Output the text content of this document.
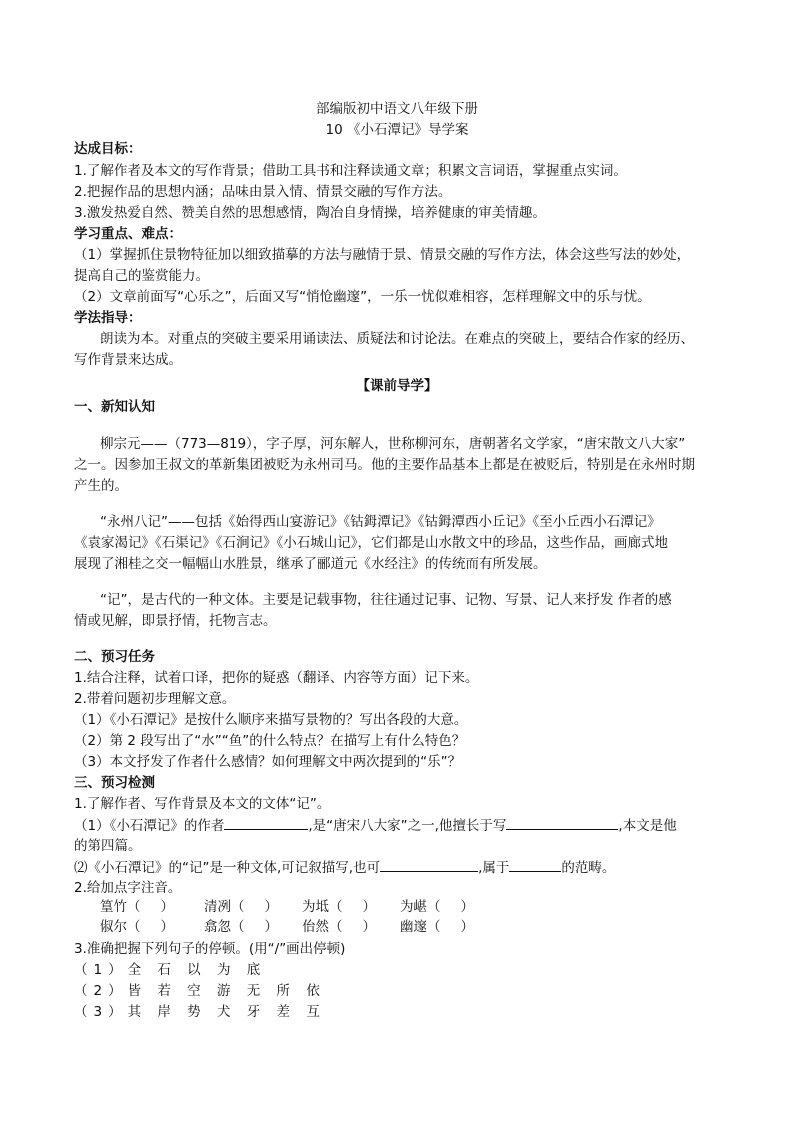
部编版初中语文八年级下册
10 《小石潭记》导学案
达成目标：
1.了解作者及本文的写作背景；借助工具书和注释读通文章；积累文言词语，掌握重点实词。
2.把握作品的思想内涵；品味由景入情、情景交融的写作方法。
3.激发热爱自然、赞美自然的思想感情，陶冶自身情操，培养健康的审美情趣。
学习重点、难点：
（1）掌握抓住景物特征加以细致描摹的方法与融情于景、情景交融的写作方法，体会这些写法的妙处，
提高自己的鉴赏能力。
（2）文章前面写“心乐之”，后面又写“悄怆幽邃”，一乐一忧似难相容，怎样理解文中的乐与忧。
学法指导：
朗读为本。对重点的突破主要采用诵读法、质疑法和讨论法。在难点的突破上，要结合作家的经历、
写作背景来达成。
【课前导学】
一、新知认知
柳宗元——（773—819），字子厚，河东解人，世称柳河东，唐朝著名文学家，“唐宋散文八大家”
之一。因参加王叔文的革新集团被贬为永州司马。他的主要作品基本上都是在被贬后，特别是在永州时期
产生的。
“永州八记”——包括《始得西山宴游记》《钴鉧潭记》《钴鉧潭西小丘记》《至小丘西小石潭记》
《袁家渴记》《石渠记》《石涧记》《小石城山记》，它们都是山水散文中的珍品，这些作品，画廊式地
展现了湘桂之交一幅幅山水胜景，继承了郦道元《水经注》的传统而有所发展。
“记”，是古代的一种文体。主要是记载事物，往往通过记事、记物、写景、记人来抒发 作者的感
情或见解，即景抒情，托物言志。
二、预习任务
1.结合注释，试着口译，把你的疑惑（翻译、内容等方面）记下来。
2.带着问题初步理解文意。
（1）《小石潭记》是按什么顺序来描写景物的？写出各段的大意。
（2）第 2 段写出了“水”“鱼”的什么特点？在描写上有什么特色？
（3）本文抒发了作者什么感情？如何理解文中两次提到的“乐”？
三、预习检测
1.了解作者、写作背景及本文的文体“记”。
（1）《小石潭记》的作者	,是“唐宋八大家”之一,他擅长于写	,本文是他
的第四篇。
⑵《小石潭记》的“记”是一种文体,可记叙描写,也可	,属于	的范畴。
2.给加点字注音。
篁竹（ ） 清冽（ ） 为坻（ ） 为嵁（ ）
俶尔（ ） 翕忽（ ） 佁然（ ） 幽邃（ ）
3.准确把握下列句子的停顿。(用“/”画出停顿)
（1）全 石 以 为 底
（2）皆 若 空 游 无 所 依
（3）其 岸 势 犬 牙 差 互
